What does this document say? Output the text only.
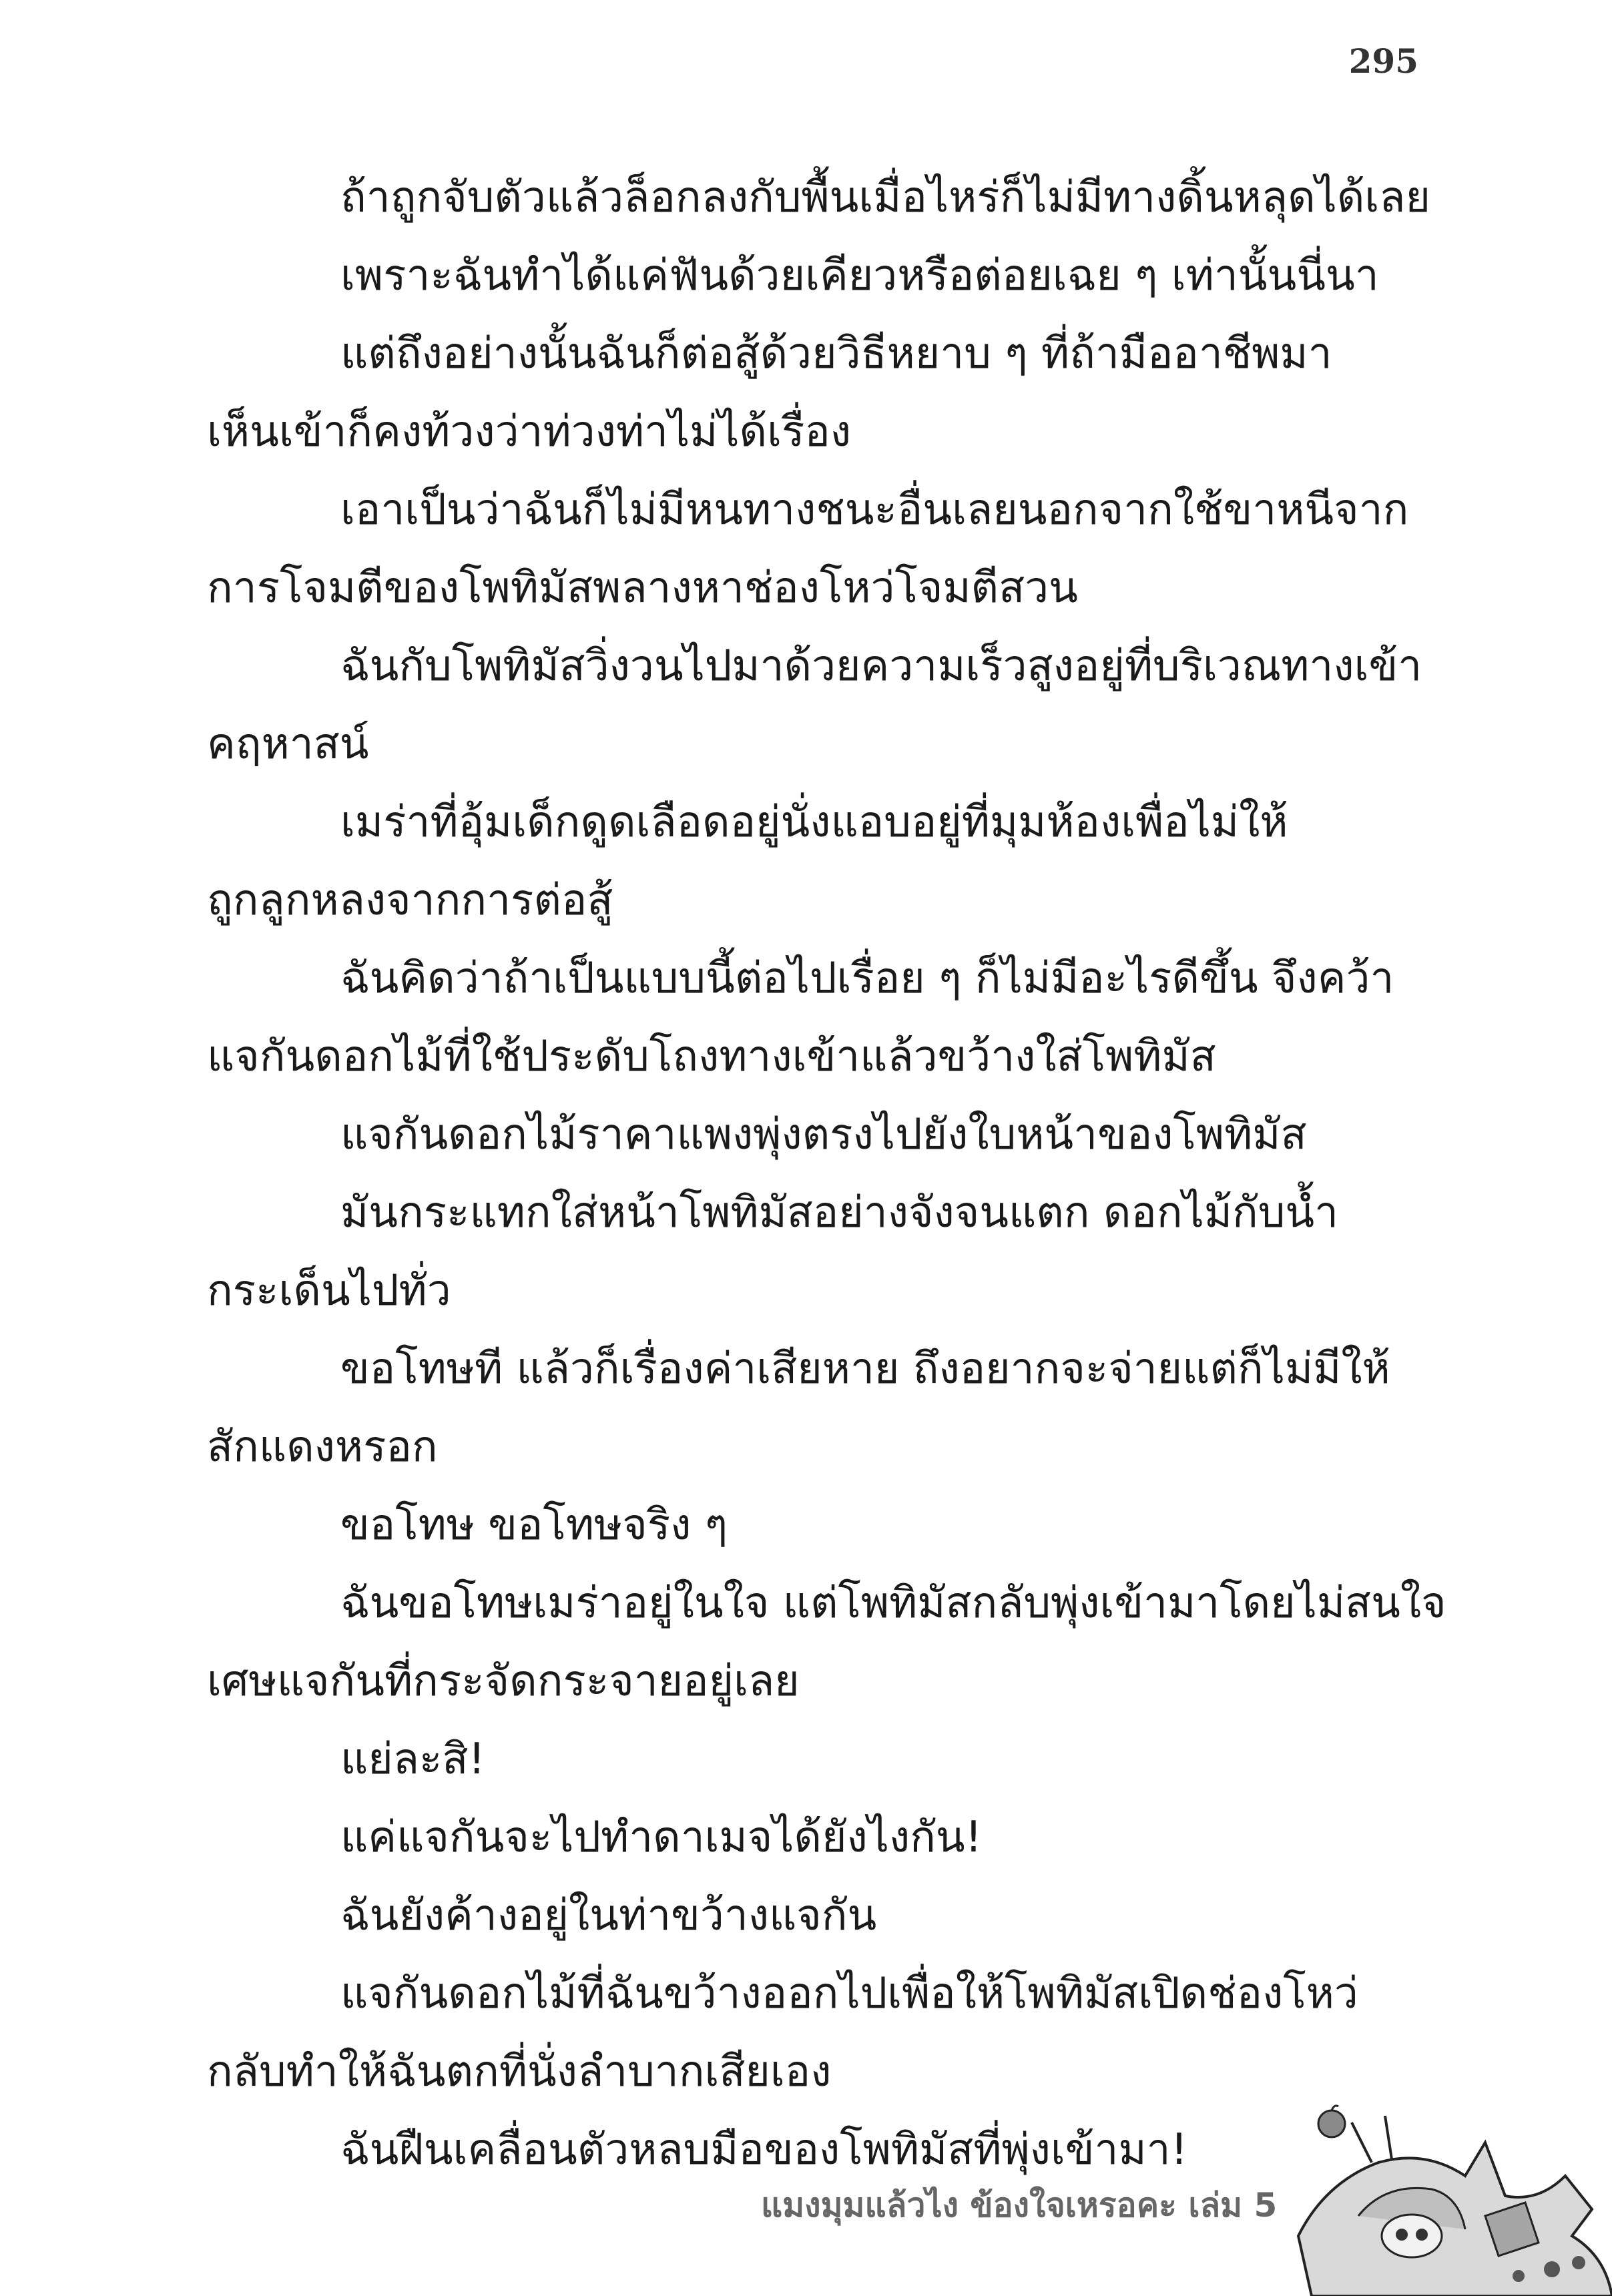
295

ถ้าถูกจับตัวแล้วล็อกลงกับพื้นเมื่อไหร่ก็ไม่มีทางดิ้นหลุดได้เลย

เพราะฉันทำได้แค่ฟันด้วยเคียวหรือต่อยเฉย ๆ เท่านั้นนี่นา

แต่ถึงอย่างนั้นฉันก็ต่อสู้ด้วยวิธีหยาบ ๆ ที่ถ้ามืออาชีพมา
เห็นเข้าก็คงท้วงว่าท่วงท่าไม่ได้เรื่อง

เอาเป็นว่าฉันก็ไม่มีหนทางชนะอื่นเลยนอกจากใช้ขาหนีจาก
การโจมตีของโพทิมัสพลางหาช่องโหว่โจมตีสวน

ฉันกับโพทิมัสวิ่งวนไปมาด้วยความเร็วสูงอยู่ที่บริเวณทางเข้า
คฤหาสน์

เมร่าที่อุ้มเด็กดูดเลือดอยู่นั่งแอบอยู่ที่มุมห้องเพื่อไม่ให้
ถูกลูกหลงจากการต่อสู้

ฉันคิดว่าถ้าเป็นแบบนี้ต่อไปเรื่อย ๆ ก็ไม่มีอะไรดีขึ้น จึงคว้า
แจกันดอกไม้ที่ใช้ประดับโถงทางเข้าแล้วขว้างใส่โพทิมัส

แจกันดอกไม้ราคาแพงพุ่งตรงไปยังใบหน้าของโพทิมัส

มันกระแทกใส่หน้าโพทิมัสอย่างจังจนแตก ดอกไม้กับน้ำ
กระเด็นไปทั่ว

ขอโทษที แล้วก็เรื่องค่าเสียหาย ถึงอยากจะจ่ายแต่ก็ไม่มีให้
สักแดงหรอก

ขอโทษ ขอโทษจริง ๆ

ฉันขอโทษเมร่าอยู่ในใจ แต่โพทิมัสกลับพุ่งเข้ามาโดยไม่สนใจ
เศษแจกันที่กระจัดกระจายอยู่เลย

แย่ละสิ!

แค่แจกันจะไปทำดาเมจได้ยังไงกัน!

ฉันยังค้างอยู่ในท่าขว้างแจกัน

แจกันดอกไม้ที่ฉันขว้างออกไปเพื่อให้โพทิมัสเปิดช่องโหว่
กลับทำให้ฉันตกที่นั่งลำบากเสียเอง

ฉันฝืนเคลื่อนตัวหลบมือของโพทิมัสที่พุ่งเข้ามา!

แมงมุมแล้วไง ข้องใจเหรอคะ เล่ม 5
